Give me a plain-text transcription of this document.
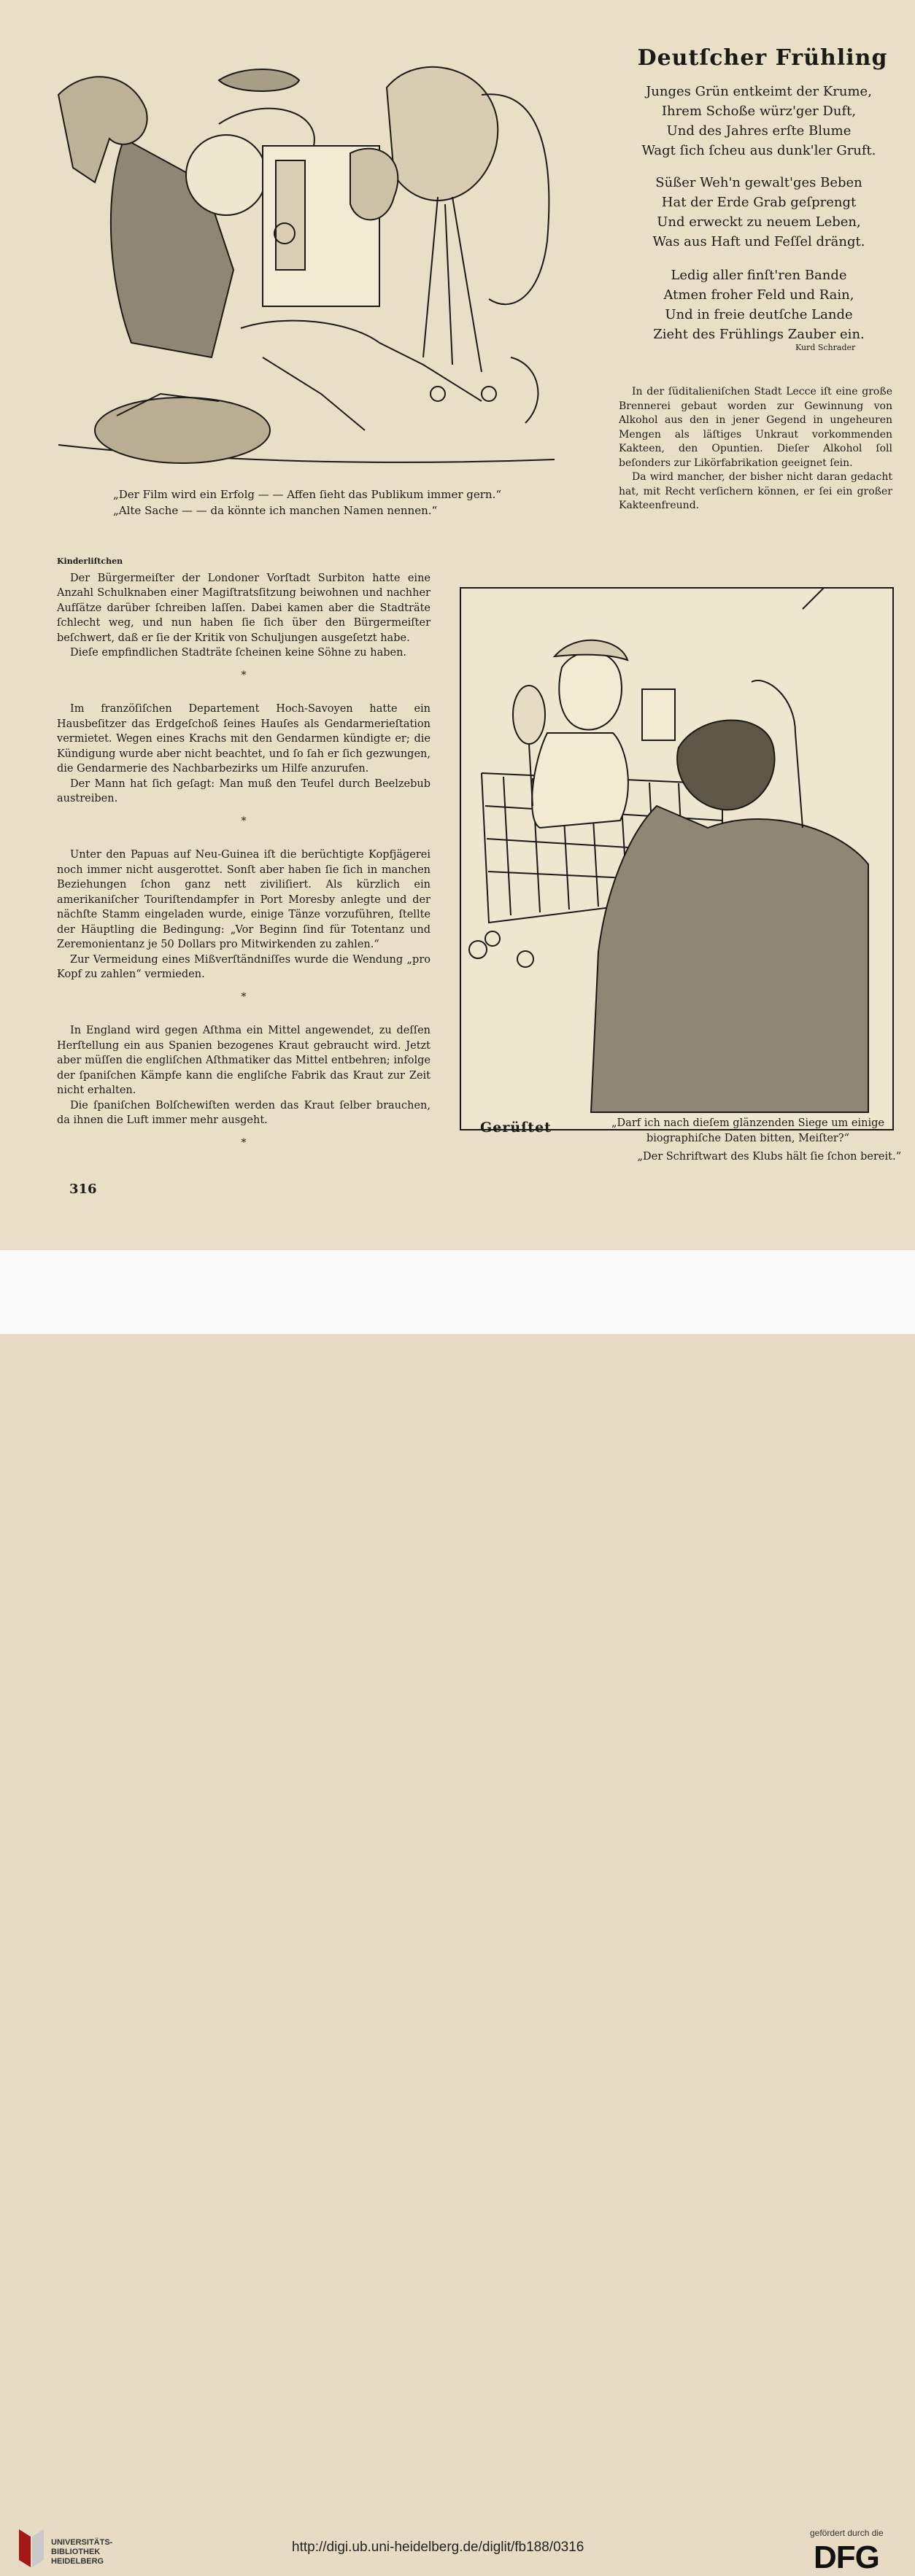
„Der Film wird ein Erfolg — — Affen ſieht das Publikum immer gern.“
„Alte Sache — — da könnte ich manchen Namen nennen.“
Deutſcher Frühling
Junges Grün entkeimt der Krume,
Ihrem Schoße würz'ger Duft,
Und des Jahres erſte Blume
Wagt ſich ſcheu aus dunk'ler Gruft.
Süßer Weh'n gewalt'ges Beben
Hat der Erde Grab geſprengt
Und erweckt zu neuem Leben,
Was aus Haft und Feſſel drängt.
Ledig aller finſt'ren Bande
Atmen froher Feld und Rain,
Und in freie deutſche Lande
Zieht des Frühlings Zauber ein.
Kurd Schrader

In der ſüditalieniſchen Stadt Lecce iſt eine große Brennerei gebaut worden zur Gewinnung von Alkohol aus den in jener Gegend in ungeheuren Mengen als läſtiges Unkraut vorkommenden Kakteen, den Opuntien. Dieſer Alkohol ſoll beſonders zur Likörfabrikation geeignet ſein.

Da wird mancher, der bisher nicht daran gedacht hat, mit Recht verſichern können, er ſei ein großer Kakteenfreund.

Kinderliſtchen

Der Bürgermeiſter der Londoner Vorſtadt Surbiton hatte eine Anzahl Schulknaben einer Magiſtratsſitzung beiwohnen und nachher Aufſätze darüber ſchreiben laſſen. Dabei kamen aber die Stadträte ſchlecht weg, und nun haben ſie ſich über den Bürgermeiſter beſchwert, daß er ſie der Kritik von Schuljungen ausgeſetzt habe.

Dieſe empfindlichen Stadträte ſcheinen keine Söhne zu haben.

*

Im franzöſiſchen Departement Hoch-Savoyen hatte ein Hausbeſitzer das Erdgeſchoß ſeines Hauſes als Gendarmerieſtation vermietet. Wegen eines Krachs mit den Gendarmen kündigte er; die Kündigung wurde aber nicht beachtet, und ſo ſah er ſich gezwungen, die Gendarmerie des Nachbarbezirks um Hilfe anzurufen.

Der Mann hat ſich geſagt: Man muß den Teufel durch Beelzebub austreiben.

*

Unter den Papuas auf Neu-Guinea iſt die berüchtigte Kopfjägerei noch immer nicht ausgerottet. Sonſt aber haben ſie ſich in manchen Beziehungen ſchon ganz nett ziviliſiert. Als kürzlich ein amerikaniſcher Touriſtendampfer in Port Moresby anlegte und der nächſte Stamm eingeladen wurde, einige Tänze vorzuführen, ſtellte der Häuptling die Bedingung: „Vor Beginn ſind für Totentanz und Zeremonientanz je 50 Dollars pro Mitwirkenden zu zahlen.“

Zur Vermeidung eines Mißverſtändniſſes wurde die Wendung „pro Kopf zu zahlen“ vermieden.

*

In England wird gegen Aſthma ein Mittel angewendet, zu deſſen Herſtellung ein aus Spanien bezogenes Kraut gebraucht wird. Jetzt aber müſſen die engliſchen Aſthmatiker das Mittel entbehren; infolge der ſpaniſchen Kämpfe kann die engliſche Fabrik das Kraut zur Zeit nicht erhalten.

Die ſpaniſchen Bolſchewiſten werden das Kraut ſelber brauchen, da ihnen die Luft immer mehr ausgeht.

*
Gerüſtet	„Darf ich nach dieſem glänzenden Siege um einige biographiſche Daten bitten, Meiſter?“
„Der Schriftwart des Klubs hält ſie ſchon bereit.“
316
UNIVERSITÄTS-
BIBLIOTHEK
HEIDELBERG
http://digi.ub.uni-heidelberg.de/diglit/fb188/0316
gefördert durch die
DFG
